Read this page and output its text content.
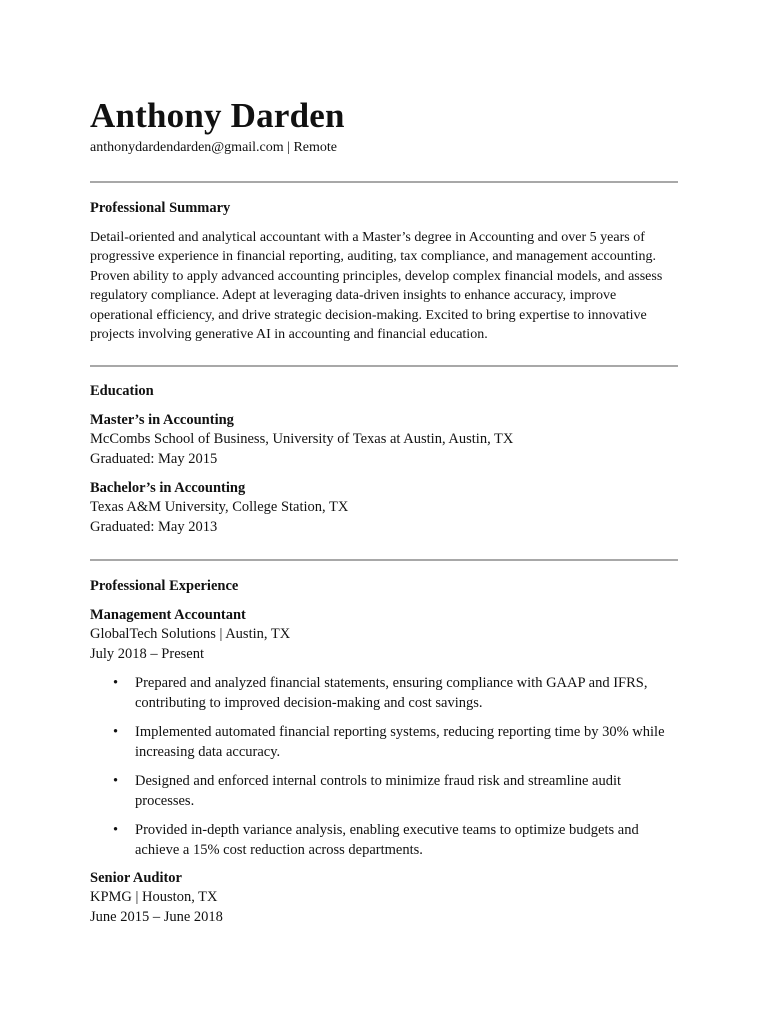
Anthony Darden
anthonydardendarden@gmail.com | Remote
Professional Summary

Detail-oriented and analytical accountant with a Master’s degree in Accounting and over 5 years of progressive experience in financial reporting, auditing, tax compliance, and management accounting. Proven ability to apply advanced accounting principles, develop complex financial models, and assess regulatory compliance. Adept at leveraging data-driven insights to enhance accuracy, improve operational efficiency, and drive strategic decision-making. Excited to bring expertise to innovative projects involving generative AI in accounting and financial education.

Education
Master’s in Accounting
McCombs School of Business, University of Texas at Austin, Austin, TX
Graduated: May 2015
Bachelor’s in Accounting
Texas A&M University, College Station, TX
Graduated: May 2013
Professional Experience
Management Accountant
GlobalTech Solutions | Austin, TX
July 2018 – Present
• Prepared and analyzed financial statements, ensuring compliance with GAAP and IFRS, contributing to improved decision-making and cost savings.
• Implemented automated financial reporting systems, reducing reporting time by 30% while increasing data accuracy.
• Designed and enforced internal controls to minimize fraud risk and streamline audit processes.
• Provided in-depth variance analysis, enabling executive teams to optimize budgets and achieve a 15% cost reduction across departments.
Senior Auditor
KPMG | Houston, TX
June 2015 – June 2018
